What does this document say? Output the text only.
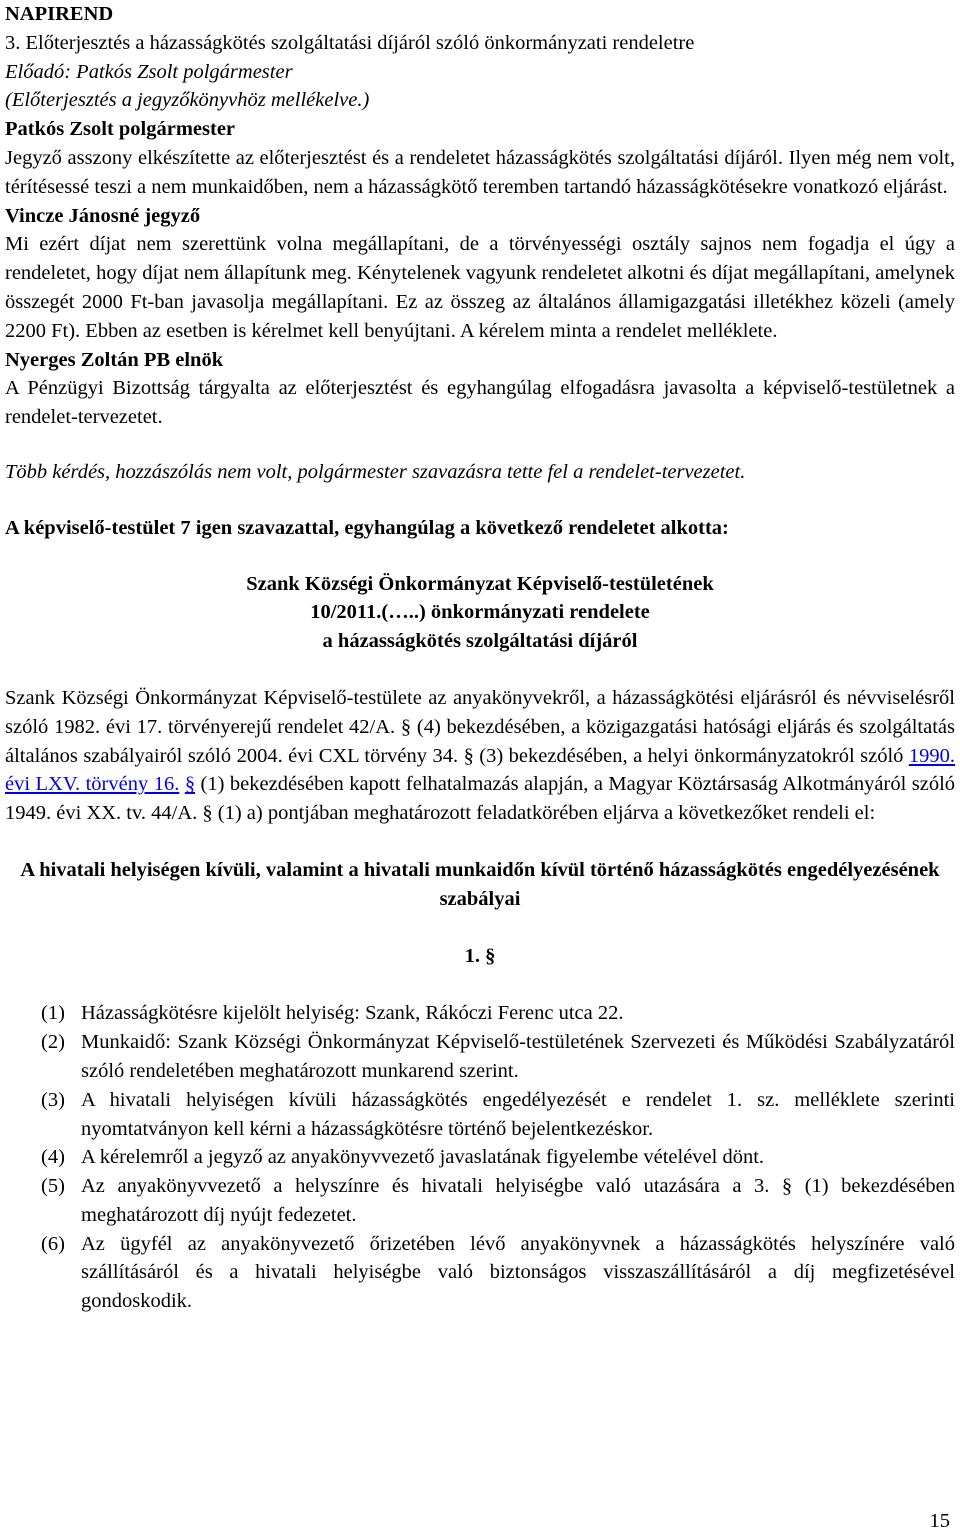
NAPIREND
3. Előterjesztés a házasságkötés szolgáltatási díjáról szóló önkormányzati rendeletre
Előadó: Patkós Zsolt polgármester
(Előterjesztés a jegyzőkönyvhöz mellékelve.)
Patkós Zsolt polgármester
Jegyző asszony elkészítette az előterjesztést és a rendeletet házasságkötés szolgáltatási díjáról. Ilyen még nem volt, térítésessé teszi a nem munkaidőben, nem a házasságkötő teremben tartandó házasságkötésekre vonatkozó eljárást.
Vincze Jánosné jegyző
Mi ezért díjat nem szerettünk volna megállapítani, de a törvényességi osztály sajnos nem fogadja el úgy a rendeletet, hogy díjat nem állapítunk meg. Kénytelenek vagyunk rendeletet alkotni és díjat megállapítani, amelynek összegét 2000 Ft-ban javasolja megállapítani. Ez az összeg az általános államigazgatási illetékhez közeli (amely 2200 Ft). Ebben az esetben is kérelmet kell benyújtani. A kérelem minta a rendelet melléklete.
Nyerges Zoltán PB elnök
A Pénzügyi Bizottság tárgyalta az előterjesztést és egyhangúlag elfogadásra javasolta a képviselő-testületnek a rendelet-tervezetet.
Több kérdés, hozzászólás nem volt, polgármester szavazásra tette fel a rendelet-tervezetet.
A képviselő-testület 7 igen szavazattal, egyhangúlag a következő rendeletet alkotta:
Szank Községi Önkormányzat Képviselő-testületének
10/2011.(…..) önkormányzati rendelete
a házasságkötés szolgáltatási díjáról
Szank Községi Önkormányzat Képviselő-testülete az anyakönyvekről, a házasságkötési eljárásról és névviselésről szóló 1982. évi 17. törvényerejű rendelet 42/A. § (4) bekezdésében, a közigazgatási hatósági eljárás és szolgáltatás általános szabályairól szóló 2004. évi CXL törvény 34. § (3) bekezdésében, a helyi önkormányzatokról szóló 1990. évi LXV. törvény 16. § (1) bekezdésében kapott felhatalmazás alapján, a Magyar Köztársaság Alkotmányáról szóló 1949. évi XX. tv. 44/A. § (1) a) pontjában meghatározott feladatkörében eljárva a következőket rendeli el:
A hivatali helyiségen kívüli, valamint a hivatali munkaidőn kívül történő házasságkötés engedélyezésének szabályai
1. §
(1) Házasságkötésre kijelölt helyiség: Szank, Rákóczi Ferenc utca 22.
(2) Munkaidő: Szank Községi Önkormányzat Képviselő-testületének Szervezeti és Működési Szabályzatáról szóló rendeletében meghatározott munkarend szerint.
(3) A hivatali helyiségen kívüli házasságkötés engedélyezését e rendelet 1. sz. melléklete szerinti nyomtatványon kell kérni a házasságkötésre történő bejelentkezéskor.
(4) A kérelemről a jegyző az anyakönyvvezető javaslatának figyelembe vételével dönt.
(5) Az anyakönyvvezető a helyszínre és hivatali helyiségbe való utazására a 3. § (1) bekezdésében meghatározott díj nyújt fedezetet.
(6) Az ügyfél az anyakönyvezető őrizetében lévő anyakönyvnek a házasságkötés helyszínére való szállításáról és a hivatali helyiségbe való biztonságos visszaszállításáról a díj megfizetésével gondoskodik.
15
